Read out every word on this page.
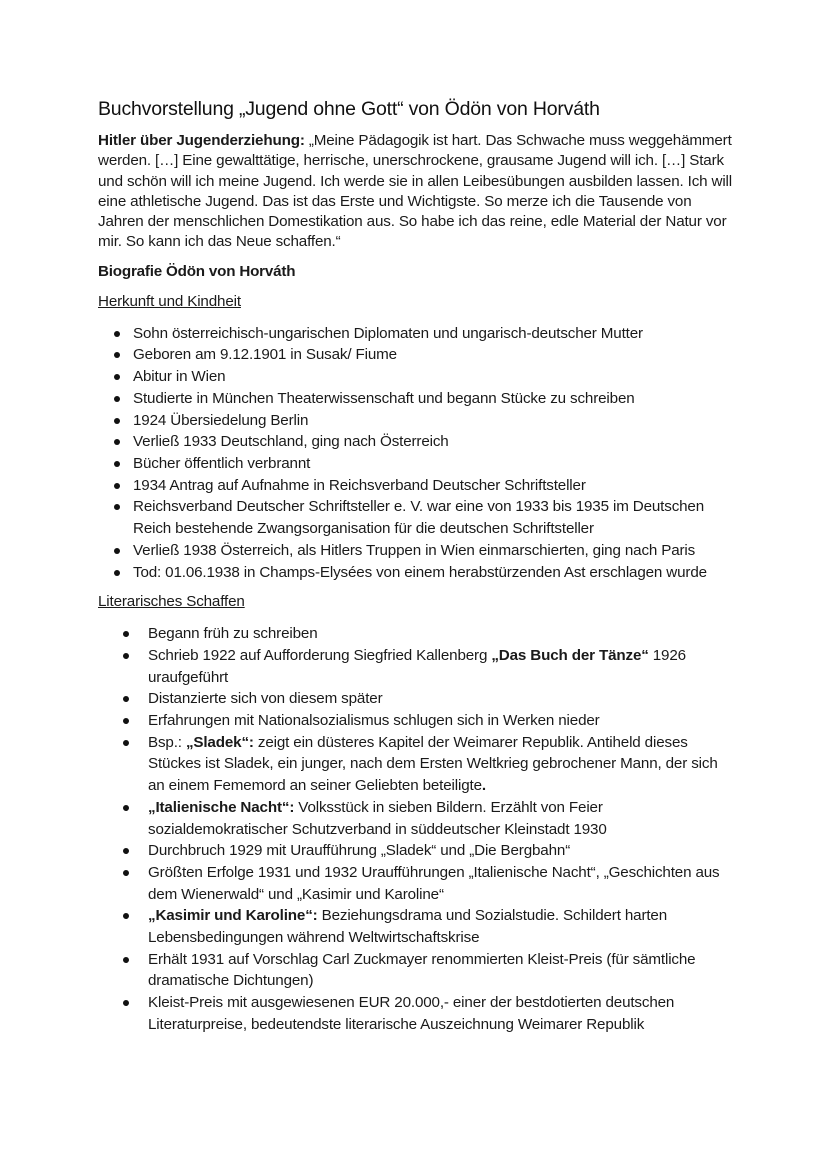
Buchvorstellung „Jugend ohne Gott“ von Ödön von Horváth

Hitler über Jugenderziehung: „Meine Pädagogik ist hart. Das Schwache muss weggehämmert werden. […] Eine gewalttätige, herrische, unerschrockene, grausame Jugend will ich. […] Stark und schön will ich meine Jugend. Ich werde sie in allen Leibesübungen ausbilden lassen. Ich will eine athletische Jugend. Das ist das Erste und Wichtigste. So merze ich die Tausende von Jahren der menschlichen Domestikation aus. So habe ich das reine, edle Material der Natur vor mir. So kann ich das Neue schaffen.“

Biografie Ödön von Horváth
Herkunft und Kindheit
Sohn österreichisch-ungarischen Diplomaten und ungarisch-deutscher Mutter
Geboren am 9.12.1901 in Susak/ Fiume
Abitur in Wien
Studierte in München Theaterwissenschaft und begann Stücke zu schreiben
1924 Übersiedelung Berlin
Verließ 1933 Deutschland, ging nach Österreich
Bücher öffentlich verbrannt
1934 Antrag auf Aufnahme in Reichsverband Deutscher Schriftsteller
Reichsverband Deutscher Schriftsteller e. V. war eine von 1933 bis 1935 im Deutschen Reich bestehende Zwangsorganisation für die deutschen Schriftsteller
Verließ 1938 Österreich, als Hitlers Truppen in Wien einmarschierten, ging nach Paris
Tod: 01.06.1938 in Champs-Elysées von einem herabstürzenden Ast erschlagen wurde
Literarisches Schaffen
Begann früh zu schreiben
Schrieb 1922 auf Aufforderung Siegfried Kallenberg „Das Buch der Tänze“ 1926 uraufgeführt
Distanzierte sich von diesem später
Erfahrungen mit Nationalsozialismus schlugen sich in Werken nieder
Bsp.: „Sladek“: zeigt ein düsteres Kapitel der Weimarer Republik. Antiheld dieses Stückes ist Sladek, ein junger, nach dem Ersten Weltkrieg gebrochener Mann, der sich an einem Fememord an seiner Geliebten beteiligte.
„Italienische Nacht“: Volksstück in sieben Bildern. Erzählt von Feier sozialdemokratischer Schutzverband in süddeutscher Kleinstadt 1930
Durchbruch 1929 mit Uraufführung „Sladek“ und „Die Bergbahn“
Größten Erfolge 1931 und 1932 Uraufführungen „Italienische Nacht“, „Geschichten aus dem Wienerwald“ und „Kasimir und Karoline“
„Kasimir und Karoline“: Beziehungsdrama und Sozialstudie. Schildert harten Lebensbedingungen während Weltwirtschaftskrise
Erhält 1931 auf Vorschlag Carl Zuckmayer renommierten Kleist-Preis (für sämtliche dramatische Dichtungen)
Kleist-Preis mit ausgewiesenen EUR 20.000,- einer der bestdotierten deutschen Literaturpreise, bedeutendste literarische Auszeichnung Weimarer Republik
